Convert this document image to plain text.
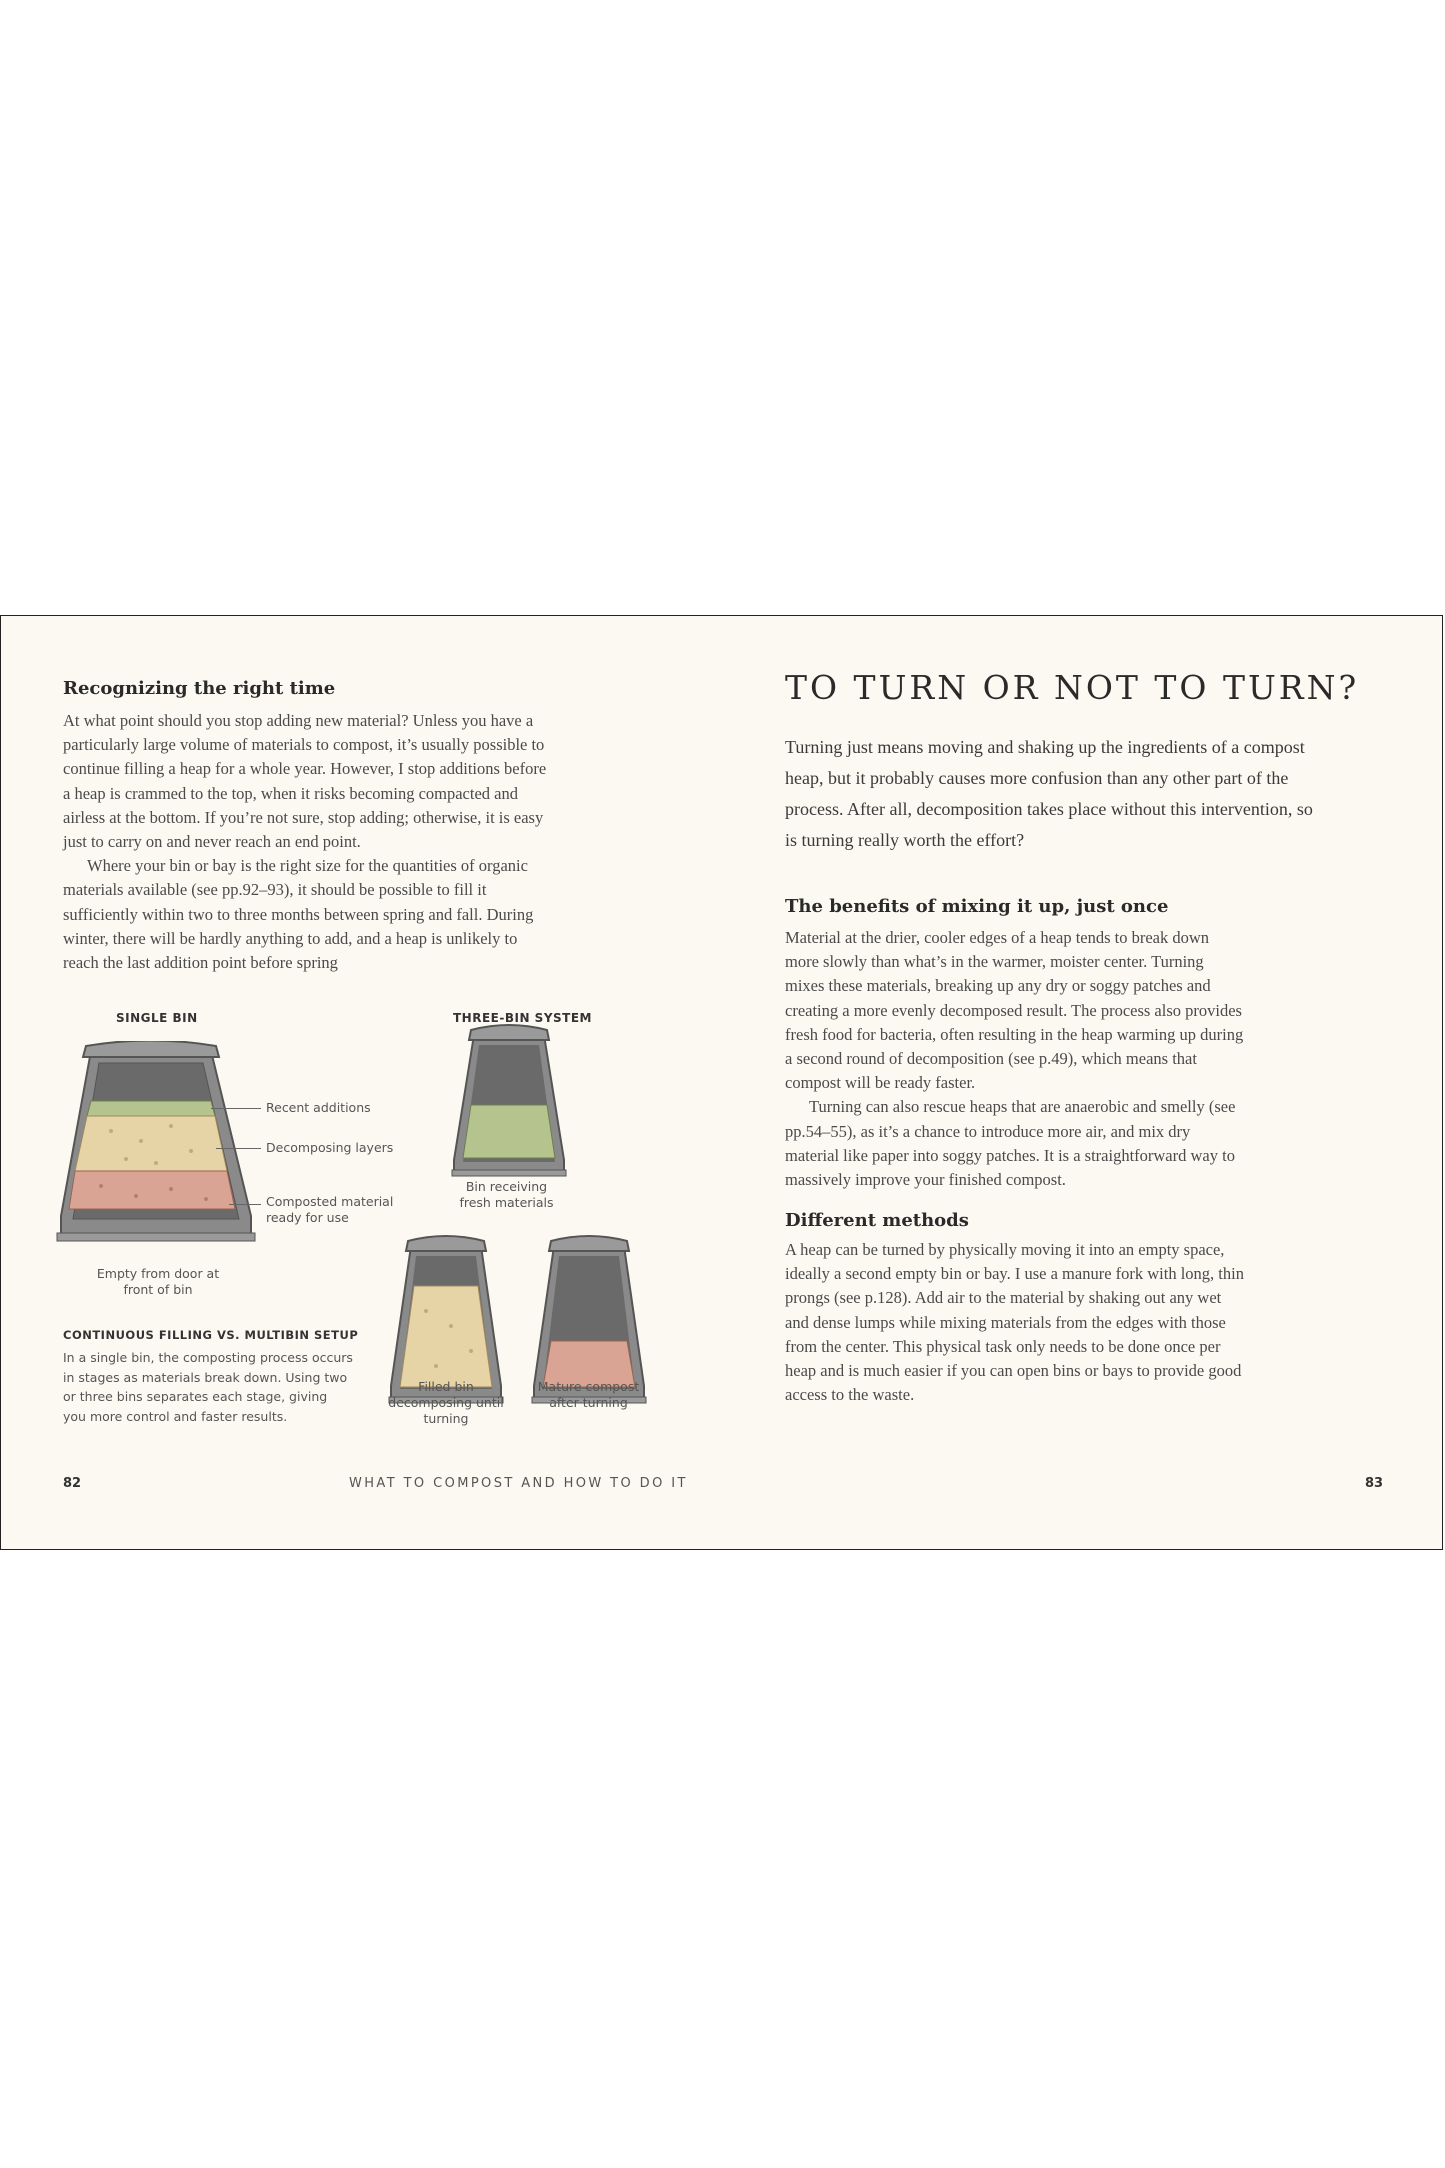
Recognizing the right time

At what point should you stop adding new material? Unless you have a particularly large volume of materials to compost, it’s usually possible to continue filling a heap for a whole year. However, I stop additions before a heap is crammed to the top, when it risks becoming compacted and airless at the bottom. If you’re not sure, stop adding; otherwise, it is easy just to carry on and never reach an end point.

Where your bin or bay is the right size for the quantities of organic materials available (see pp.92–93), it should be possible to fill it sufficiently within two to three months between spring and fall. During winter, there will be hardly anything to add, and a heap is unlikely to reach the last addition point before spring

SINGLE BIN	THREE-BIN SYSTEM
Recent additions
Decomposing layers
Composted material ready for use
Empty from door at front of bin
Bin receiving fresh materials
Filled bin decomposing until turning
Mature compost after turning
CONTINUOUS FILLING VS. MULTIBIN SETUP
In a single bin, the composting process occurs in stages as materials break down. Using two or three bins separates each stage, giving you more control and faster results.
82	WHAT TO COMPOST AND HOW TO DO IT
TO TURN OR NOT TO TURN?
Turning just means moving and shaking up the ingredients of a compost heap, but it probably causes more confusion than any other part of the process. After all, decomposition takes place without this intervention, so is turning really worth the effort?
The benefits of mixing it up, just once

Material at the drier, cooler edges of a heap tends to break down more slowly than what’s in the warmer, moister center. Turning mixes these materials, breaking up any dry or soggy patches and creating a more evenly decomposed result. The process also provides fresh food for bacteria, often resulting in the heap warming up during a second round of decomposition (see p.49), which means that compost will be ready faster.

Turning can also rescue heaps that are anaerobic and smelly (see pp.54–55), as it’s a chance to introduce more air, and mix dry material like paper into soggy patches. It is a straightforward way to massively improve your finished compost.

Different methods

A heap can be turned by physically moving it into an empty space, ideally a second empty bin or bay. I use a manure fork with long, thin prongs (see p.128). Add air to the material by shaking out any wet and dense lumps while mixing materials from the edges with those from the center. This physical task only needs to be done once per heap and is much easier if you can open bins or bays to provide good access to the waste.

83
